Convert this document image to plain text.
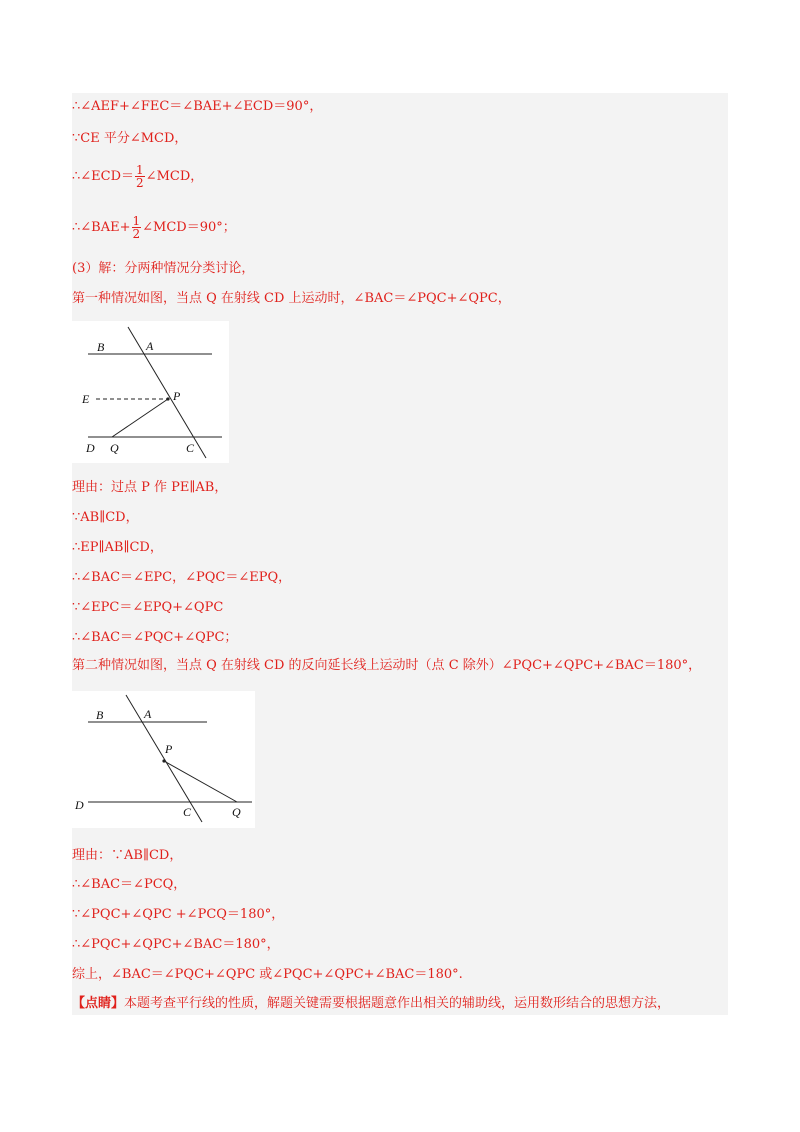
∴∠AEF+∠FEC＝∠BAE+∠ECD＝90°，
∵CE 平分∠MCD，
∴∠ECD＝ $\frac{1}{2}$ ∠MCD，
∴∠BAE+ $\frac{1}{2}$ ∠MCD＝90°；
(3）解：分两种情况分类讨论，
第一种情况如图，当点 Q 在射线 CD 上运动时，∠BAC＝∠PQC+∠QPC，
B	A
E	P
D Q	C
理由：过点 P 作 PE∥AB，
∵AB∥CD，
∴EP∥AB∥CD，
∴∠BAC＝∠EPC，∠PQC＝∠EPQ，
∵∠EPC＝∠EPQ+∠QPC
∴∠BAC＝∠PQC+∠QPC；
第二种情况如图，当点 Q 在射线 CD 的反向延长线上运动时（点 C 除外）∠PQC+∠QPC+∠BAC＝180°，
B	A
P
D	C	Q
理由：∵AB∥CD，
∴∠BAC＝∠PCQ，
∵∠PQC+∠QPC +∠PCQ＝180°，
∴∠PQC+∠QPC+∠BAC＝180°，
综上，∠BAC＝∠PQC+∠QPC 或∠PQC+∠QPC+∠BAC＝180°.
【点睛】本题考查平行线的性质，解题关键需要根据题意作出相关的辅助线，运用数形结合的思想方法，
